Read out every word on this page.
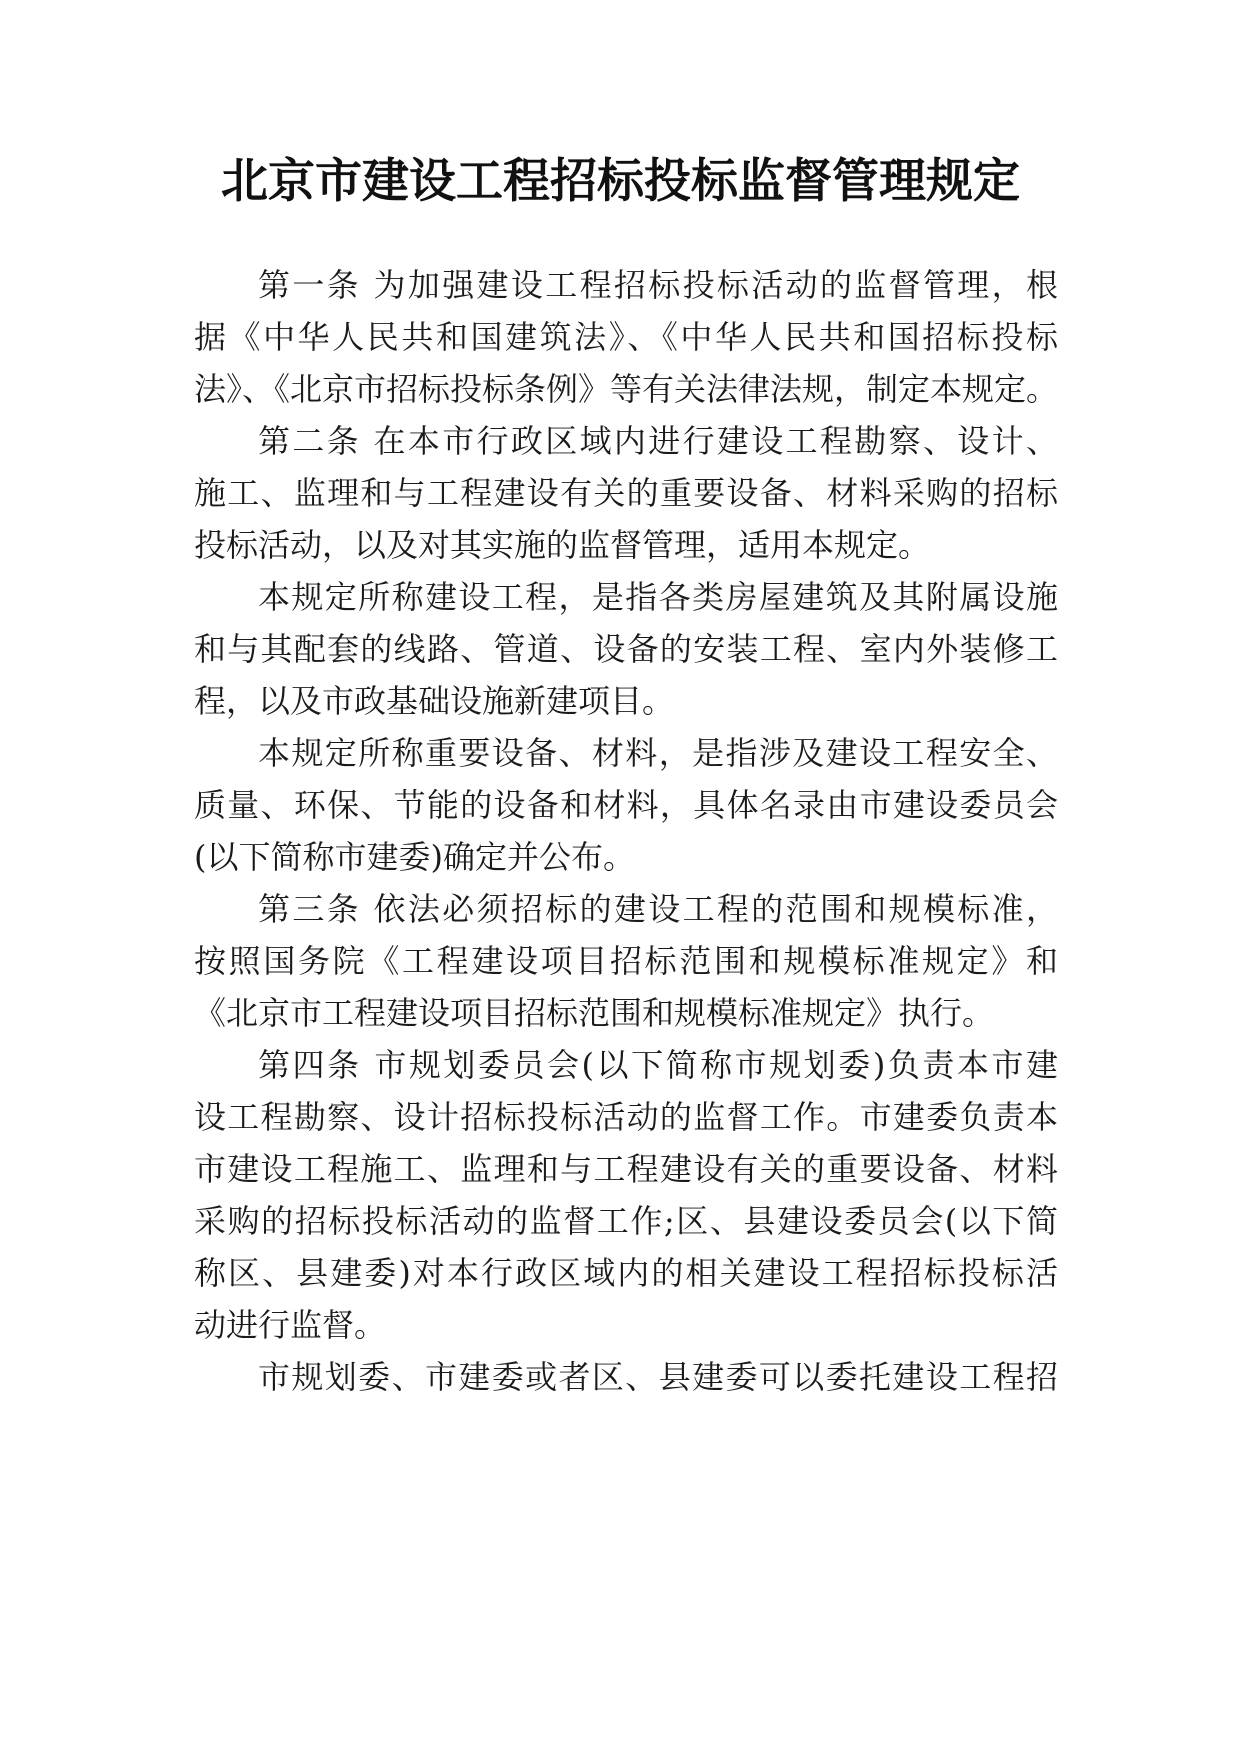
北京市建设工程招标投标监督管理规定
第一条 为加强建设工程招标投标活动的监督管理，根
据《中华人民共和国建筑法》、《中华人民共和国招标投标
法》、《北京市招标投标条例》等有关法律法规，制定本规定。
第二条 在本市行政区域内进行建设工程勘察、设计、
施工、监理和与工程建设有关的重要设备、材料采购的招标
投标活动，以及对其实施的监督管理，适用本规定。
本规定所称建设工程，是指各类房屋建筑及其附属设施
和与其配套的线路、管道、设备的安装工程、室内外装修工
程，以及市政基础设施新建项目。
本规定所称重要设备、材料，是指涉及建设工程安全、
质量、环保、节能的设备和材料，具体名录由市建设委员会
(以下简称市建委)确定并公布。
第三条 依法必须招标的建设工程的范围和规模标准，
按照国务院《工程建设项目招标范围和规模标准规定》和
《北京市工程建设项目招标范围和规模标准规定》执行。
第四条 市规划委员会(以下简称市规划委)负责本市建
设工程勘察、设计招标投标活动的监督工作。市建委负责本
市建设工程施工、监理和与工程建设有关的重要设备、材料
采购的招标投标活动的监督工作;区、县建设委员会(以下简
称区、县建委)对本行政区域内的相关建设工程招标投标活
动进行监督。
市规划委、市建委或者区、县建委可以委托建设工程招
